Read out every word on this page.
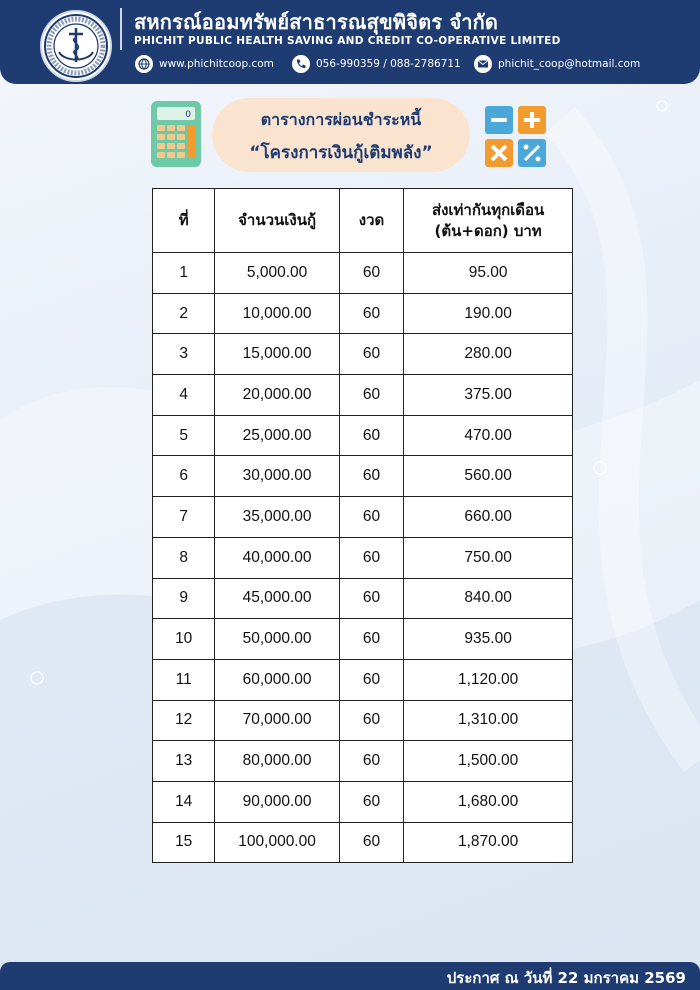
สหกรณ์ออมทรัพย์สาธารณสุขพิจิตร จำกัด
PHICHIT PUBLIC HEALTH SAVING AND CREDIT CO-OPERATIVE LIMITED
www.phichitcoop.com	056-990359 / 088-2786711	phichit_coop@hotmail.com
0	ตารางการผ่อนชำระหนี้
“โครงการเงินกู้เติมพลัง”
ที่	จำนวนเงินกู้	งวด	ส่งเท่ากันทุกเดือน
(ต้น+ดอก) บาท
1	5,000.00	60	95.00
2	10,000.00	60	190.00
3	15,000.00	60	280.00
4	20,000.00	60	375.00
5	25,000.00	60	470.00
6	30,000.00	60	560.00
7	35,000.00	60	660.00
8	40,000.00	60	750.00
9	45,000.00	60	840.00
10	50,000.00	60	935.00
11	60,000.00	60	1,120.00
12	70,000.00	60	1,310.00
13	80,000.00	60	1,500.00
14	90,000.00	60	1,680.00
15	100,000.00	60	1,870.00
ประกาศ ณ วันที่ 22 มกราคม 2569
